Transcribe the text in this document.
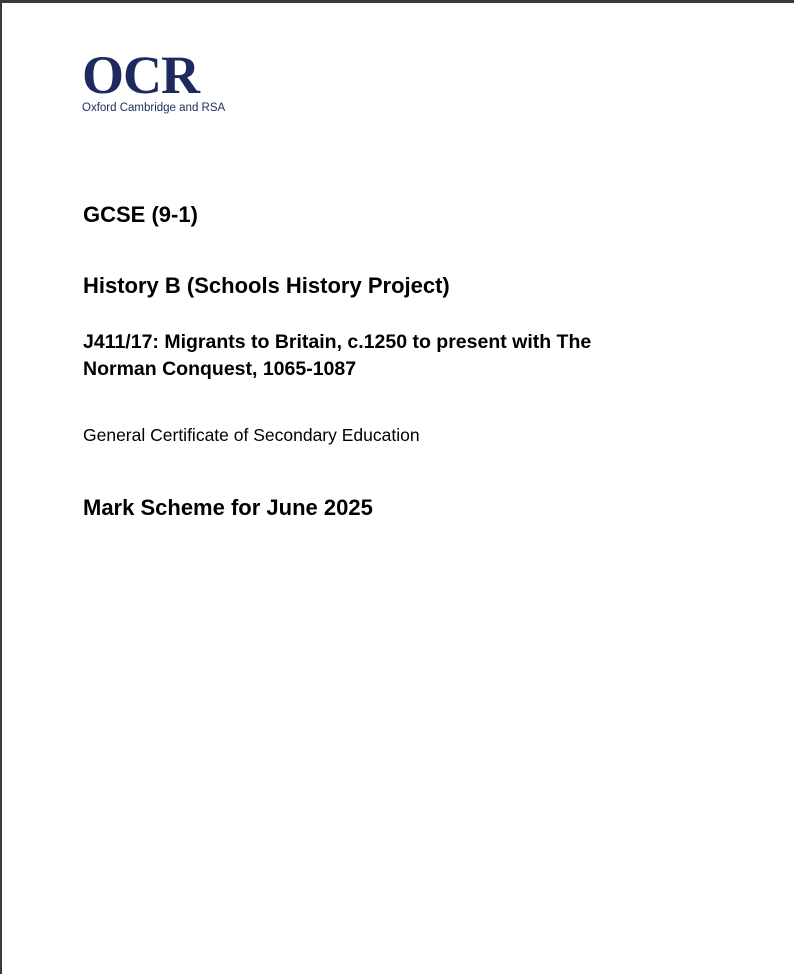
OCR
Oxford Cambridge and RSA
GCSE (9-1)
History B (Schools History Project)
J411/17: Migrants to Britain, c.1250 to present with The
Norman Conquest, 1065-1087

General Certificate of Secondary Education

Mark Scheme for June 2025
